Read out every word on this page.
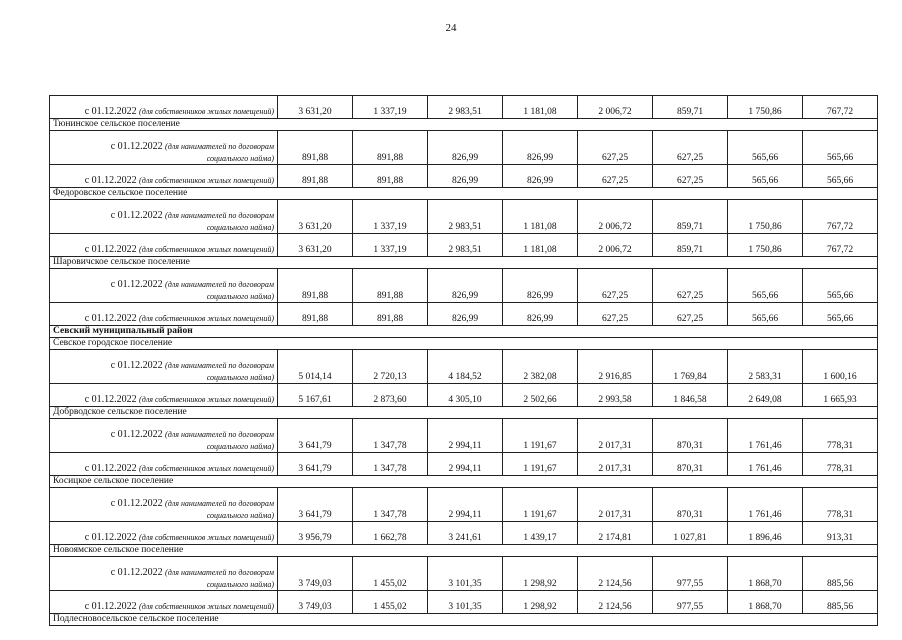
24
с 01.12.2022 (для собственников жилых помещений)	3 631,20	1 337,19	2 983,51	1 181,08	2 006,72	859,71	1 750,86	767,72
Тюнинское сельское поселение								

с 01.12.2022 (для нанимателей по договорам
социального найма)	891,88	891,88	826,99	826,99	627,25	627,25	565,66	565,66

с 01.12.2022 (для собственников жилых помещений)	891,88	891,88	826,99	826,99	627,25	627,25	565,66	565,66
Федоровское сельское поселение								

с 01.12.2022 (для нанимателей по договорам
социального найма)	3 631,20	1 337,19	2 983,51	1 181,08	2 006,72	859,71	1 750,86	767,72

с 01.12.2022 (для собственников жилых помещений)	3 631,20	1 337,19	2 983,51	1 181,08	2 006,72	859,71	1 750,86	767,72
Шаровичское сельское поселение								

с 01.12.2022 (для нанимателей по договорам
социального найма)	891,88	891,88	826,99	826,99	627,25	627,25	565,66	565,66

с 01.12.2022 (для собственников жилых помещений)	891,88	891,88	826,99	826,99	627,25	627,25	565,66	565,66
Севский муниципальный район								
Севское городское поселение								

с 01.12.2022 (для нанимателей по договорам
социального найма)	5 014,14	2 720,13	4 184,52	2 382,08	2 916,85	1 769,84	2 583,31	1 600,16

с 01.12.2022 (для собственников жилых помещений)	5 167,61	2 873,60	4 305,10	2 502,66	2 993,58	1 846,58	2 649,08	1 665,93
Добрводское сельское поселение								

с 01.12.2022 (для нанимателей по договорам
социального найма)	3 641,79	1 347,78	2 994,11	1 191,67	2 017,31	870,31	1 761,46	778,31

с 01.12.2022 (для собственников жилых помещений)	3 641,79	1 347,78	2 994,11	1 191,67	2 017,31	870,31	1 761,46	778,31
Косицкое сельское поселение								

с 01.12.2022 (для нанимателей по договорам
социального найма)	3 641,79	1 347,78	2 994,11	1 191,67	2 017,31	870,31	1 761,46	778,31

с 01.12.2022 (для собственников жилых помещений)	3 956,79	1 662,78	3 241,61	1 439,17	2 174,81	1 027,81	1 896,46	913,31
Новоямское сельское поселение								

с 01.12.2022 (для нанимателей по договорам
социального найма)	3 749,03	1 455,02	3 101,35	1 298,92	2 124,56	977,55	1 868,70	885,56

с 01.12.2022 (для собственников жилых помещений)	3 749,03	1 455,02	3 101,35	1 298,92	2 124,56	977,55	1 868,70	885,56
Подлесновосельское сельское поселение								
